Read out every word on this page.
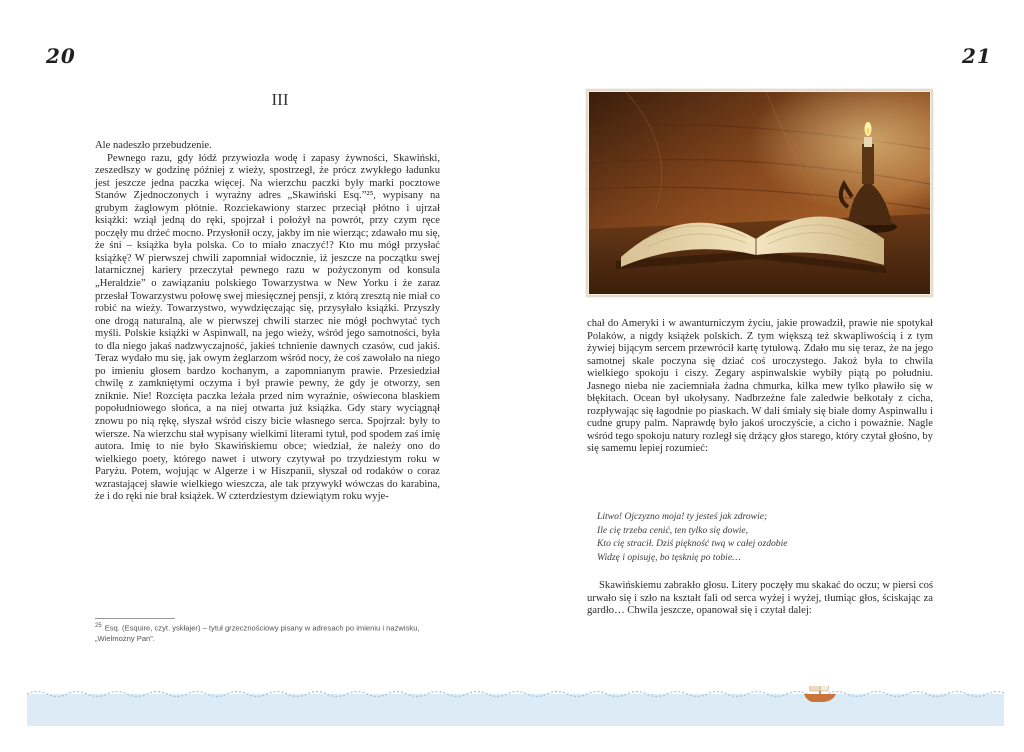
20
III

Ale nadeszło przebudzenie.

Pewnego razu, gdy łódź przywiozła wodę i zapasy żywności, Skawiński, zeszedłszy w godzinę później z wieży, spostrzegł, że prócz zwykłego ładunku jest jeszcze jedna paczka więcej. Na wierzchu paczki były marki pocztowe Stanów Zjednoczonych i wyraźny adres „Skawiński Esq.”²⁵, wypisany na grubym żaglowym płótnie. Rozciekawiony starzec przeciął płótno i ujrzał książki: wziął jedną do ręki, spojrzał i położył na powrót, przy czym ręce poczęły mu drżeć mocno. Przysłonił oczy, jakby im nie wierząc; zdawało mu się, że śni – książka była polska. Co to miało znaczyć!? Kto mu mógł przysłać książkę? W pierwszej chwili zapomniał widocznie, iż jeszcze na początku swej latarnicznej kariery przeczytał pewnego razu w pożyczonym od konsula „Heraldzie” o zawiązaniu polskiego Towarzystwa w New Yorku i że zaraz przesłał Towarzystwu połowę swej miesięcznej pensji, z którą zresztą nie miał co robić na wieży. Towarzystwo, wywdzięczając się, przysyłało książki. Przyszły one drogą naturalną, ale w pierwszej chwili starzec nie mógł pochwytać tych myśli. Polskie książki w Aspinwall, na jego wieży, wśród jego samotności, była to dla niego jakaś nadzwyczajność, jakieś tchnienie dawnych czasów, cud jakiś. Teraz wydało mu się, jak owym żeglarzom wśród nocy, że coś zawołało na niego po imieniu głosem bardzo kochanym, a zapomnianym prawie. Przesiedział chwilę z zamkniętymi oczyma i był prawie pewny, że gdy je otworzy, sen zniknie. Nie! Rozcięta paczka leżała przed nim wyraźnie, oświecona blaskiem popołudniowego słońca, a na niej otwarta już książka. Gdy stary wyciągnął znowu po nią rękę, słyszał wśród ciszy bicie własnego serca. Spojrzał: były to wiersze. Na wierzchu stał wypisany wielkimi literami tytuł, pod spodem zaś imię autora. Imię to nie było Skawińskiemu obce; wiedział, że należy ono do wielkiego poety, którego nawet i utwory czytywał po trzydziestym roku w Paryżu. Potem, wojując w Algerze i w Hiszpanii, słyszał od rodaków o coraz wzrastającej sławie wielkiego wieszcza, ale tak przywykł wówczas do karabina, że i do ręki nie brał książek. W czterdziestym dziewiątym roku wyje-

$^{25}$ Esq. (Esquire, czyt. yskłajer) – tytuł grzecznościowy pisany w adresach po imieniu i nazwisku, „Wielmożny Pan”.
21

chał do Ameryki i w awanturniczym życiu, jakie prowadził, prawie nie spotykał Polaków, a nigdy książek polskich. Z tym większą też skwapliwością i z tym żywiej bijącym sercem przewrócił kartę tytułową. Zdało mu się teraz, że na jego samotnej skale poczyna się dziać coś uroczystego. Jakoż była to chwila wielkiego spokoju i ciszy. Zegary aspinwalskie wybiły piątą po południu. Jasnego nieba nie zaciemniała żadna chmurka, kilka mew tylko pławiło się w błękitach. Ocean był ukołysany. Nadbrzeżne fale zaledwie bełkotały z cicha, rozpływając się łagodnie po piaskach. W dali śmiały się białe domy Aspinwallu i cudne grupy palm. Naprawdę było jakoś uroczyście, a cicho i poważnie. Nagle wśród tego spokoju natury rozległ się drżący głos starego, który czytał głośno, by się samemu lepiej rozumieć:

Litwo! Ojczyzno moja! ty jesteś jak zdrowie;
Ile cię trzeba cenić, ten tylko się dowie,
Kto cię stracił. Dziś piękność twą w całej ozdobie
Widzę i opisuję, bo tęsknię po tobie…

Skawińskiemu zabrakło głosu. Litery poczęły mu skakać do oczu; w piersi coś urwało się i szło na kształt fali od serca wyżej i wyżej, tłumiąc głos, ściskając za gardło… Chwila jeszcze, opanował się i czytał dalej:
